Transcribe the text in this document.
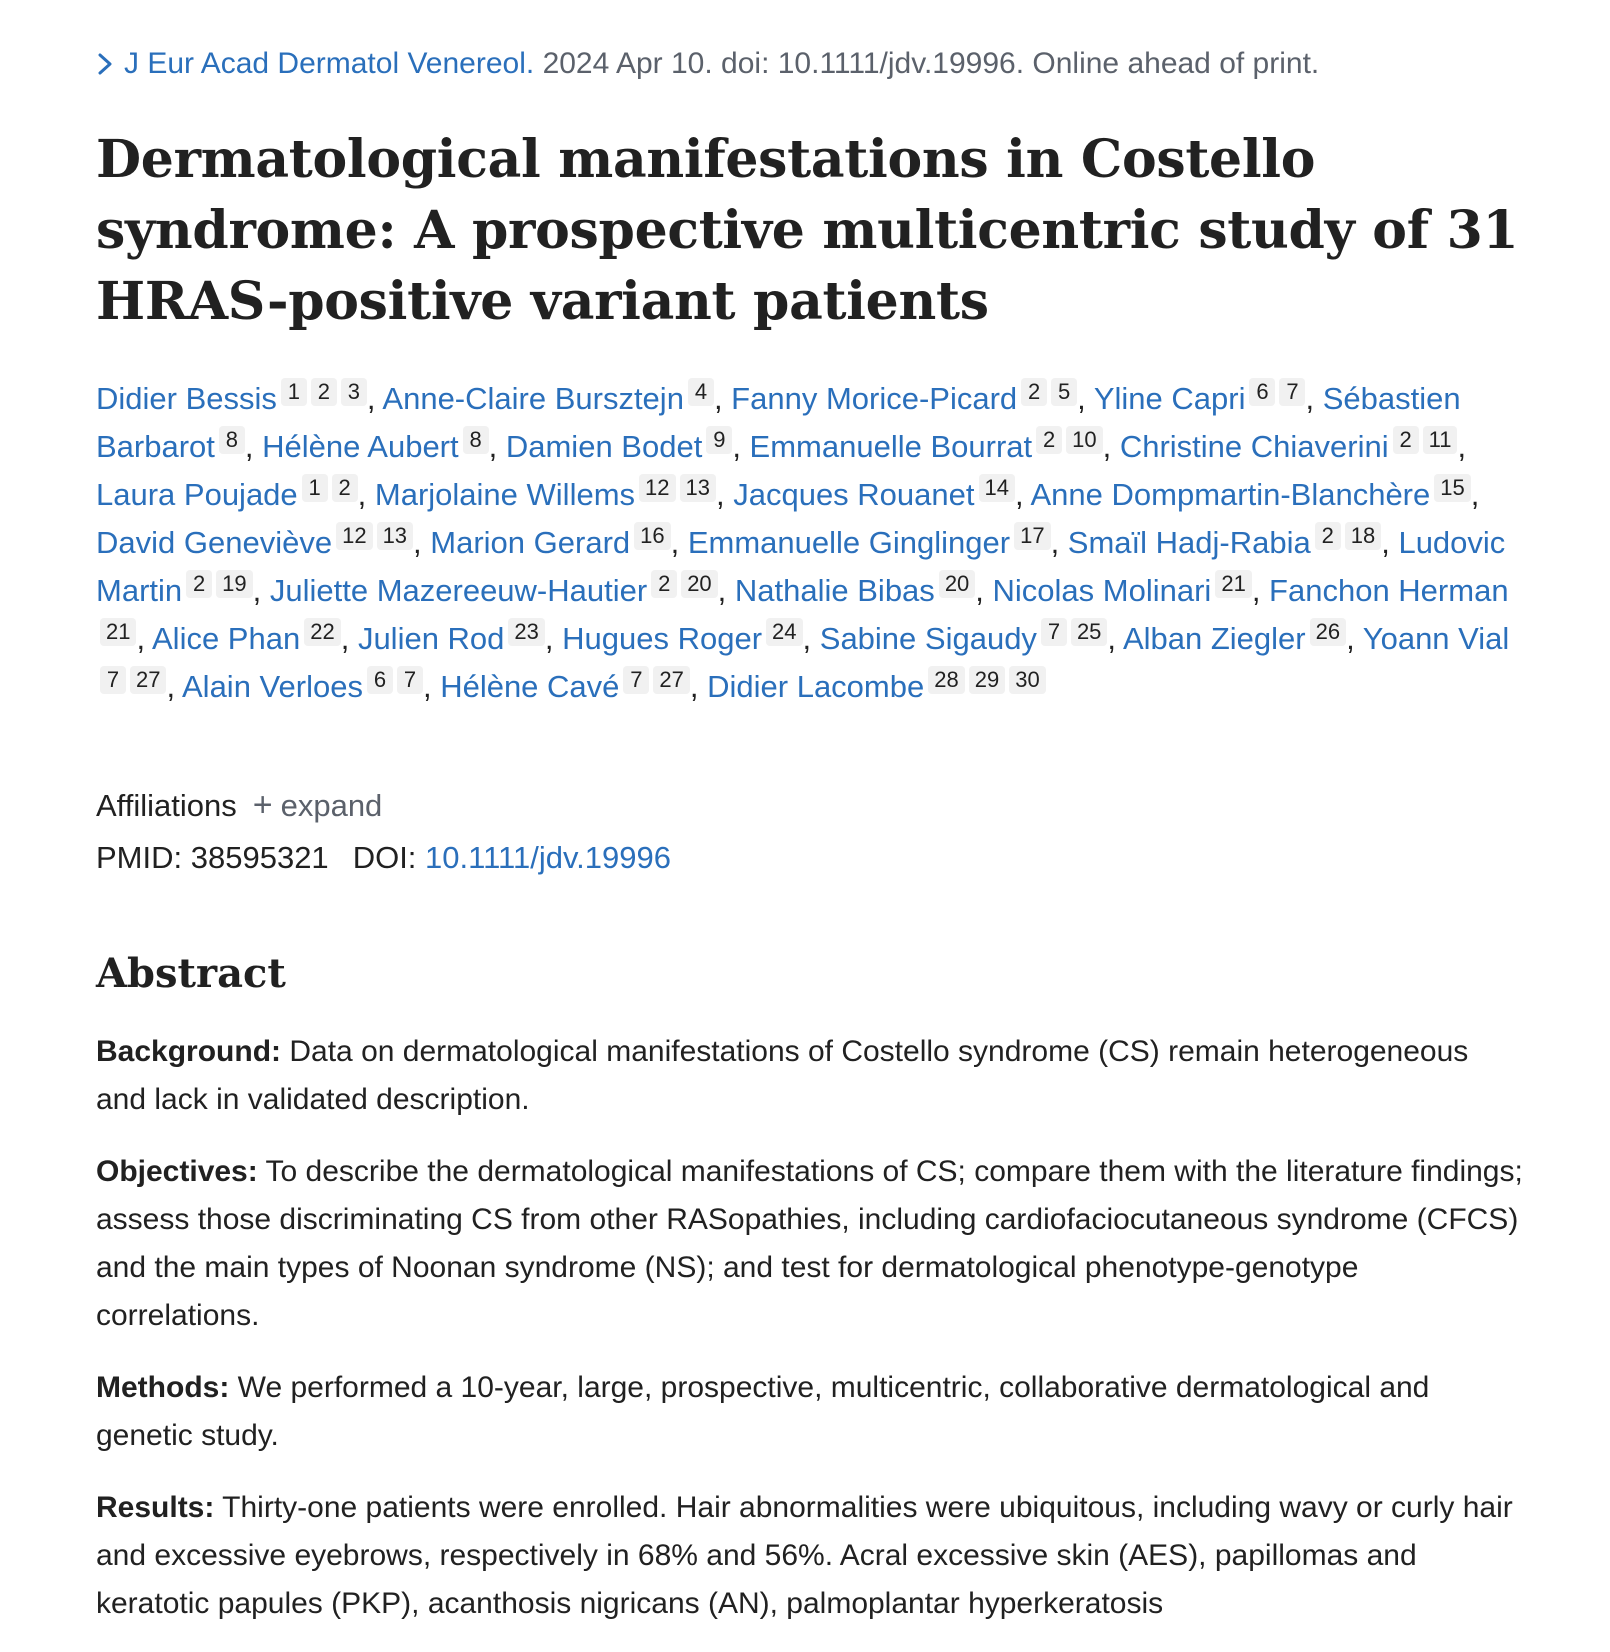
J Eur Acad Dermatol Venereol. 2024 Apr 10. doi: 10.1111/jdv.19996. Online ahead of print.
Dermatological manifestations in Costello syndrome: A prospective multicentric study of 31 HRAS-positive variant patients
Didier Bessis 1 2 3 , Anne-Claire Bursztejn 4 , Fanny Morice-Picard 2 5 , Yline Capri 6 7 , Sébastien Barbarot 8 , Hélène Aubert 8 , Damien Bodet 9 , Emmanuelle Bourrat 2 10 , Christine Chiaverini 2 11 , Laura Poujade 1 2 , Marjolaine Willems 12 13 , Jacques Rouanet 14 , Anne Dompmartin-Blanchère 15 , David Geneviève 12 13 , Marion Gerard 16 , Emmanuelle Ginglinger 17 , Smaïl Hadj-Rabia 2 18 , Ludovic Martin 2 19 , Juliette Mazereeuw-Hautier 2 20 , Nathalie Bibas 20 , Nicolas Molinari 21 , Fanchon Herman21 , Alice Phan 22 , Julien Rod 23 , Hugues Roger 24 , Sabine Sigaudy 7 25 , Alban Ziegler 26 , Yoann Vial7 27 , Alain Verloes 6 7 , Hélène Cavé 7 27 , Didier Lacombe 28 29 30
Affiliations + expand
PMID: 38595321 DOI: 10.1111/jdv.19996
Abstract

Background: Data on dermatological manifestations of Costello syndrome (CS) remain heterogeneous and lack in validated description.

Objectives: To describe the dermatological manifestations of CS; compare them with the literature findings; assess those discriminating CS from other RASopathies, including cardiofaciocutaneous syndrome (CFCS) and the main types of Noonan syndrome (NS); and test for dermatological phenotype-genotype correlations.

Methods: We performed a 10-year, large, prospective, multicentric, collaborative dermatological and genetic study.

Results: Thirty-one patients were enrolled. Hair abnormalities were ubiquitous, including wavy or curly hair and excessive eyebrows, respectively in 68% and 56%. Acral excessive skin (AES), papillomas and keratotic papules (PKP), acanthosis nigricans (AN), palmoplantar hyperkeratosis
